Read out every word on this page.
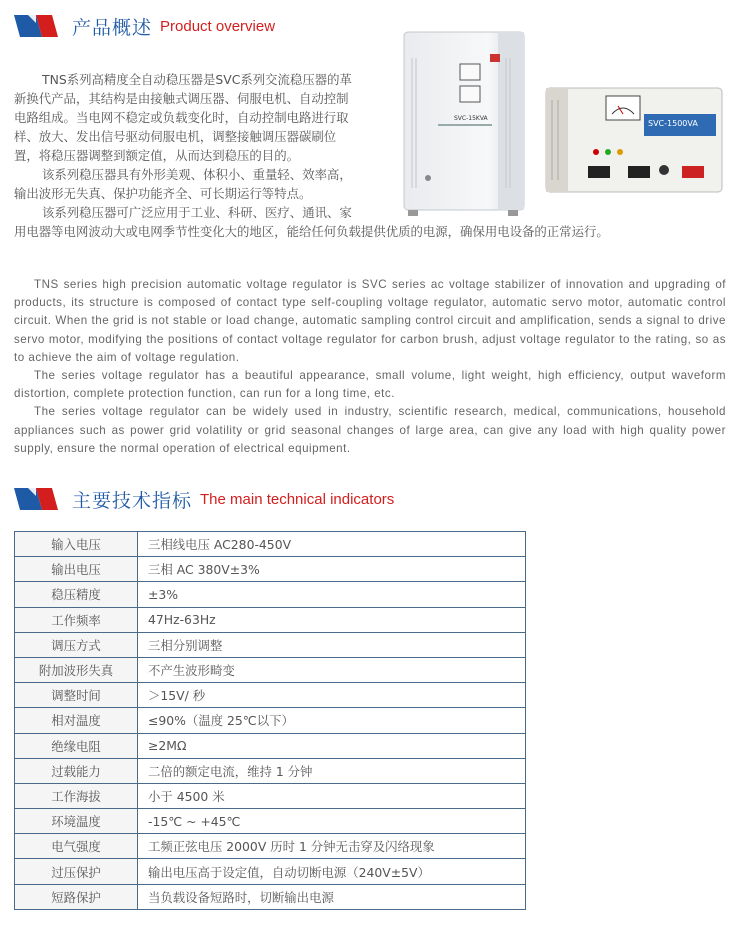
产品概述 Product overview

TNS系列高精度全自动稳压器是SVC系列交流稳压器的革

新换代产品，其结构是由接触式调压器、伺服电机、自动控制

电路组成。当电网不稳定或负载变化时，自动控制电路进行取

样、放大、发出信号驱动伺服电机，调整接触调压器碳刷位

置，将稳压器调整到额定值，从而达到稳压的目的。

该系列稳压器具有外形美观、体积小、重量轻、效率高，

输出波形无失真、保护功能齐全、可长期运行等特点。

该系列稳压器可广泛应用于工业、科研、医疗、通讯、家

用电器等电网波动大或电网季节性变化大的地区，能给任何负载提供优质的电源，确保用电设备的正常运行。

SVC-15KVA
SVC-1500VA

TNS series high precision automatic voltage regulator is SVC series ac voltage stabilizer of innovation and upgrading of products, its structure is composed of contact type self-coupling voltage regulator, automatic servo motor, automatic control circuit. When the grid is not stable or load change, automatic sampling control circuit and amplification, sends a signal to drive servo motor, modifying the positions of contact voltage regulator for carbon brush, adjust voltage regulator to the rating, so as to achieve the aim of voltage regulation.

The series voltage regulator has a beautiful appearance, small volume, light weight, high efficiency, output waveform distortion, complete protection function, can run for a long time, etc.

The series voltage regulator can be widely used in industry, scientific research, medical, communications, household appliances such as power grid volatility or grid seasonal changes of large area, can give any load with high quality power supply, ensure the normal operation of electrical equipment.

主要技术指标 The main technical indicators
输入电压	三相线电压 AC280-450V
输出电压	三相 AC 380V±3%
稳压精度	±3%
工作频率	47Hz-63Hz
调压方式	三相分别调整
附加波形失真	不产生波形畸变
调整时间	＞15V/ 秒
相对温度	≤90%（温度 25℃以下）
绝缘电阻	≥2MΩ
过载能力	二倍的额定电流，维持 1 分钟
工作海拔	小于 4500 米
环境温度	-15℃ ~ +45℃
电气强度	工频正弦电压 2000V 历时 1 分钟无击穿及闪络现象
过压保护	输出电压高于设定值，自动切断电源（240V±5V）
短路保护	当负载设备短路时，切断输出电源
